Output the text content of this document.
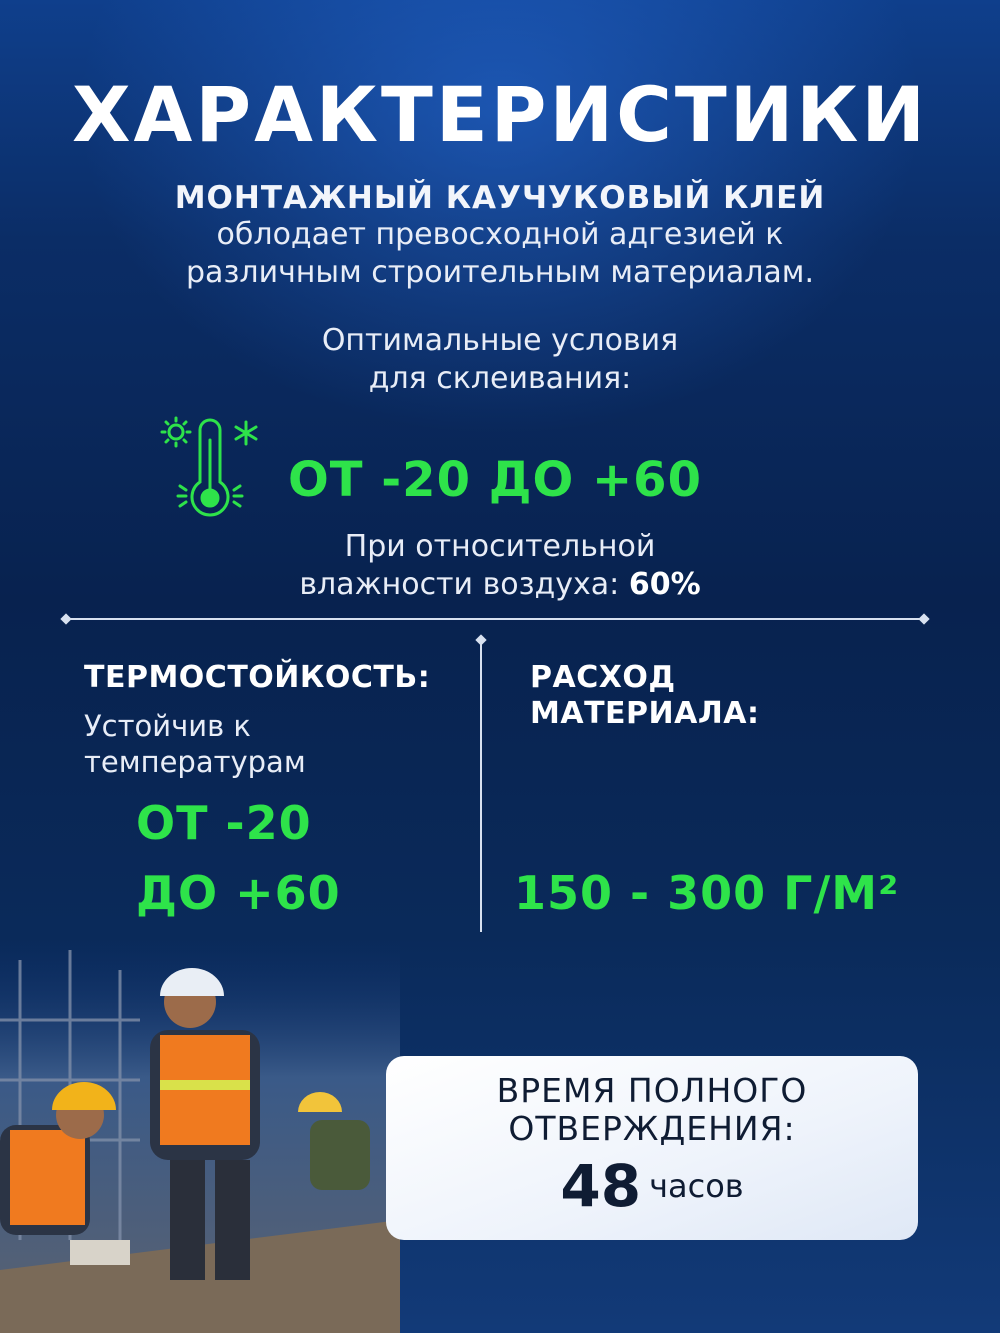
ХАРАКТЕРИСТИКИ
МОНТАЖНЫЙ КАУЧУКОВЫЙ КЛЕЙ
облодает превосходной адгезией к
различным строительным материалам.
Оптимальные условия
для склеивания:
ОТ -20 ДО +60
При относительной
влажности воздуха: 60%
ТЕРМОСТОЙКОСТЬ:
Устойчив к
температурам
ОТ -20
ДО +60
РАСХОД
МАТЕРИАЛА:
150 - 300 Г/М²
ВРЕМЯ ПОЛНОГО
ОТВЕРЖДЕНИЯ:
48 часов
